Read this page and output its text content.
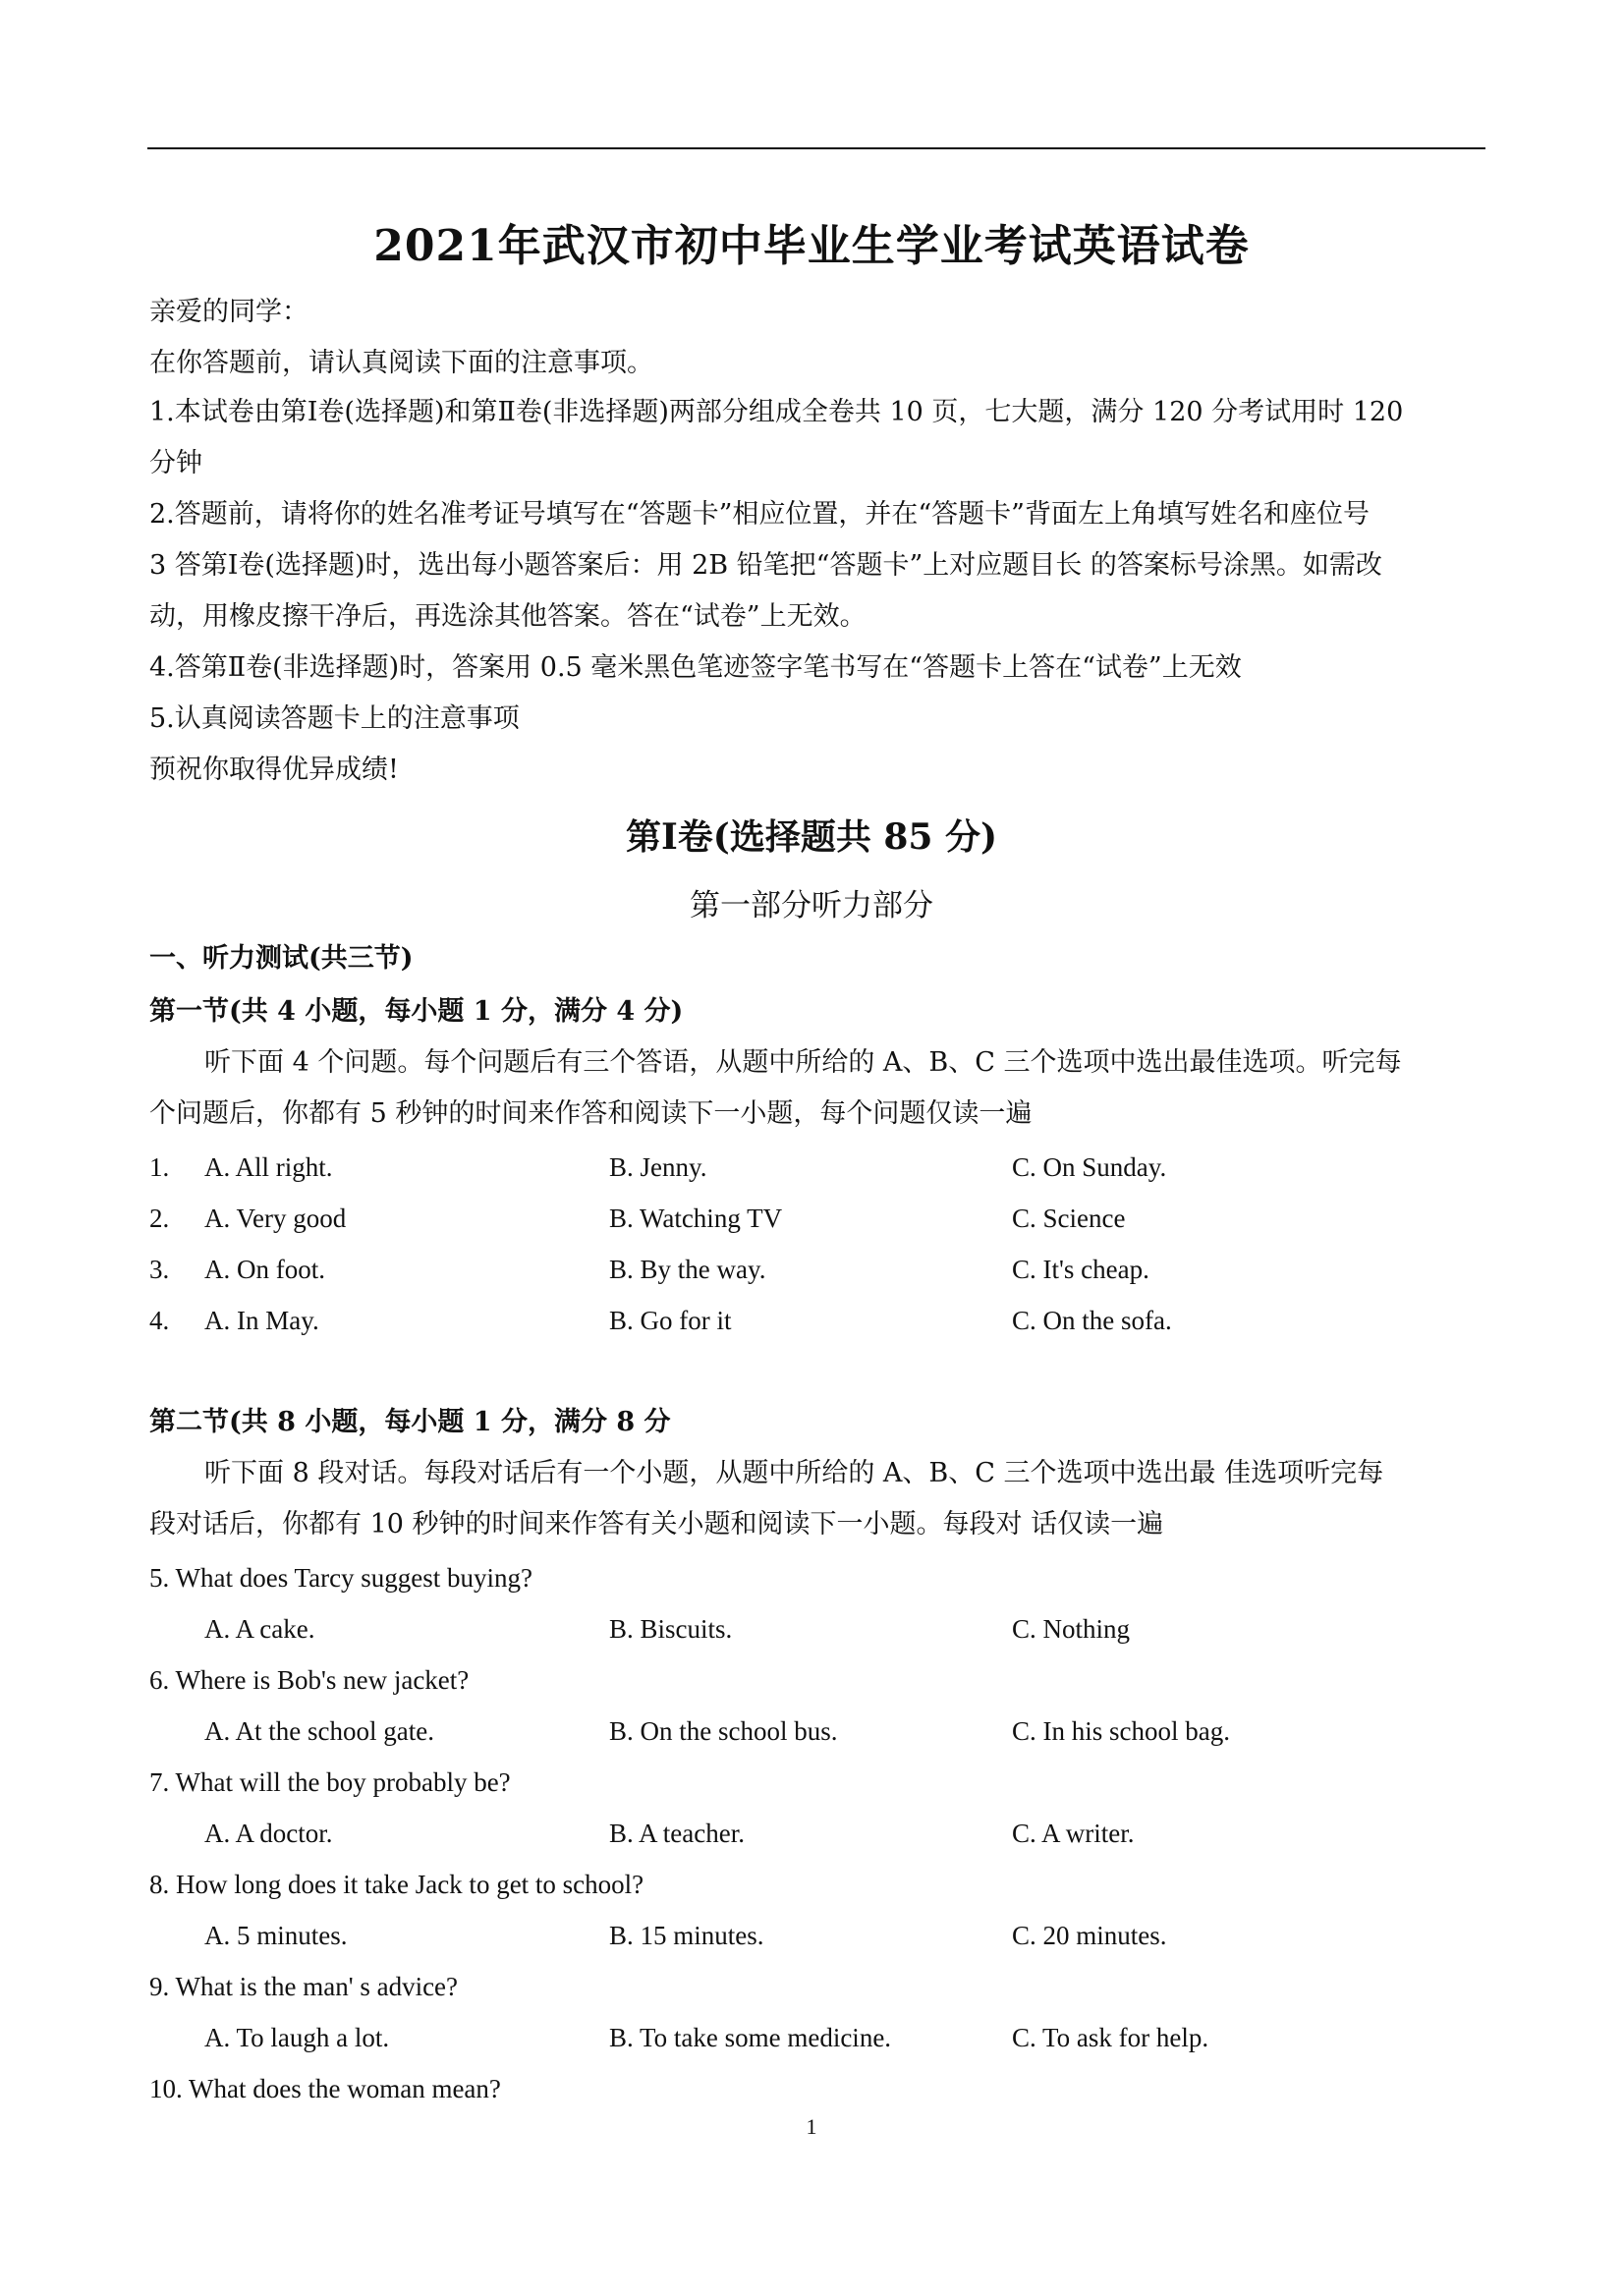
2021年武汉市初中毕业生学业考试英语试卷
亲爱的同学：
在你答题前，请认真阅读下面的注意事项。
1.本试卷由第Ⅰ卷(选择题)和第Ⅱ卷(非选择题)两部分组成全卷共 10 页，七大题，满分 120 分考试用时 120
分钟
2.答题前，请将你的姓名准考证号填写在“答题卡”相应位置，并在“答题卡”背面左上角填写姓名和座位号
3 答第Ⅰ卷(选择题)时，选出每小题答案后：用 2B 铅笔把“答题卡”上对应题目长 的答案标号涂黑。如需改
动，用橡皮擦干净后，再选涂其他答案。答在“试卷”上无效。
4.答第Ⅱ卷(非选择题)时，答案用 0.5 毫米黑色笔迹签字笔书写在“答题卡上答在“试卷”上无效
5.认真阅读答题卡上的注意事项
预祝你取得优异成绩!
第Ⅰ卷(选择题共 85 分)
第一部分听力部分
一、听力测试(共三节)
第一节(共 4 小题，每小题 1 分，满分 4 分)
听下面 4 个问题。每个问题后有三个答语，从题中所给的 A、B、C 三个选项中选出最佳选项。听完每
个问题后，你都有 5 秒钟的时间来作答和阅读下一小题，每个问题仅读一遍
1. A. All right.	B. Jenny.	C. On Sunday.
2. A. Very good	B. Watching TV	C. Science
3. A. On foot.	B. By the way.	C. It's cheap.
4. A. In May.	B. Go for it	C. On the sofa.
第二节(共 8 小题，每小题 1 分，满分 8 分
听下面 8 段对话。每段对话后有一个小题，从题中所给的 A、B、C 三个选项中选出最 佳选项听完每
段对话后，你都有 10 秒钟的时间来作答有关小题和阅读下一小题。每段对 话仅读一遍
5. What does Tarcy suggest buying?
A. A cake.	B. Biscuits.	C. Nothing
6. Where is Bob's new jacket?
A. At the school gate.	B. On the school bus.	C. In his school bag.
7. What will the boy probably be?
A. A doctor.	B. A teacher.	C. A writer.
8. How long does it take Jack to get to school?
A. 5 minutes.	B. 15 minutes.	C. 20 minutes.
9. What is the man' s advice?
A. To laugh a lot.	B. To take some medicine.	C. To ask for help.
10. What does the woman mean?
1
